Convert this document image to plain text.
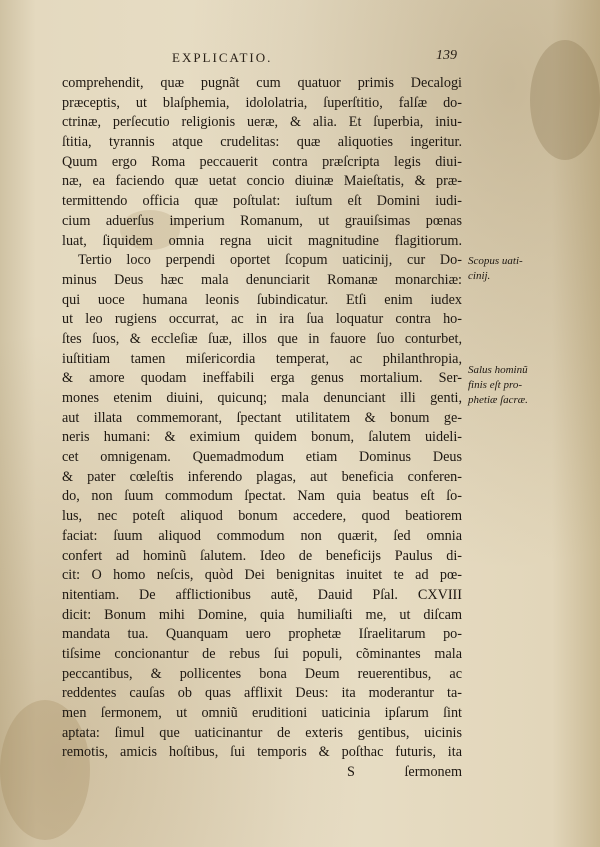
EXPLICATIO.	139
comprehendit, quæ pugnãt cum quatuor primis Decalogi
præceptis, ut blaſphemia, idololatria, ſuperſtitio, falſæ do-
ctrinæ, perſecutio religionis ueræ, & alia. Et ſuperbia, iniu-
ſtitia, tyrannis atque crudelitas: quæ aliquoties ingeritur.
Quum ergo Roma peccauerit contra præſcripta legis diui-
næ, ea faciendo quæ uetat concio diuinæ Maieſtatis, & præ-
termittendo officia quæ poſtulat: iuſtum eſt Domini iudi-
cium aduerſus imperium Romanum, ut grauiſsimas pœnas
luat, ſiquidem omnia regna uicit magnitudine flagitiorum.
Tertio loco perpendi oportet ſcopum uaticinij, cur Do-
minus Deus hæc mala denunciarit Romanæ monarchiæ:
qui uoce humana leonis ſubindicatur. Etſi enim iudex
ut leo rugiens occurrat, ac in ira ſua loquatur contra ho-
ſtes ſuos, & eccleſiæ ſuæ, illos que in fauore ſuo conturbet,
iuſtitiam tamen miſericordia temperat, ac philanthropia,
& amore quodam ineffabili erga genus mortalium. Ser-
mones etenim diuini, quicunq; mala denunciant illi genti,
aut illata commemorant, ſpectant utilitatem & bonum ge-
neris humani: & eximium quidem bonum, ſalutem uideli-
cet omnigenam. Quemadmodum etiam Dominus Deus
& pater cœleſtis inferendo plagas, aut beneficia conferen-
do, non ſuum commodum ſpectat. Nam quia beatus eſt ſo-
lus, nec poteſt aliquod bonum accedere, quod beatiorem
faciat: ſuum aliquod commodum non quærit, ſed omnia
confert ad hominũ ſalutem. Ideo de beneficijs Paulus di-
cit: O homo neſcis, quòd Dei benignitas inuitet te ad pœ-
nitentiam. De afflictionibus autẽ, Dauid Pſal. CXVIII
dicit: Bonum mihi Domine, quia humiliaſti me, ut diſcam
mandata tua. Quanquam uero prophetæ Iſraelitarum po-
tiſsime concionantur de rebus ſui populi, cõminantes mala
peccantibus, & pollicentes bona Deum reuerentibus, ac
reddentes cauſas ob quas afflixit Deus: ita moderantur ta-
men ſermonem, ut omniũ eruditioni uaticinia ipſarum ſint
aptata: ſimul que uaticinantur de exteris gentibus, uicinis
remotis, amicis hoſtibus, ſui temporis & poſthac futuris, ita
S	ſermonem
Scopus uati-
cinij.
Salus hominũ
finis eſt pro-
phetiæ ſacræ.
